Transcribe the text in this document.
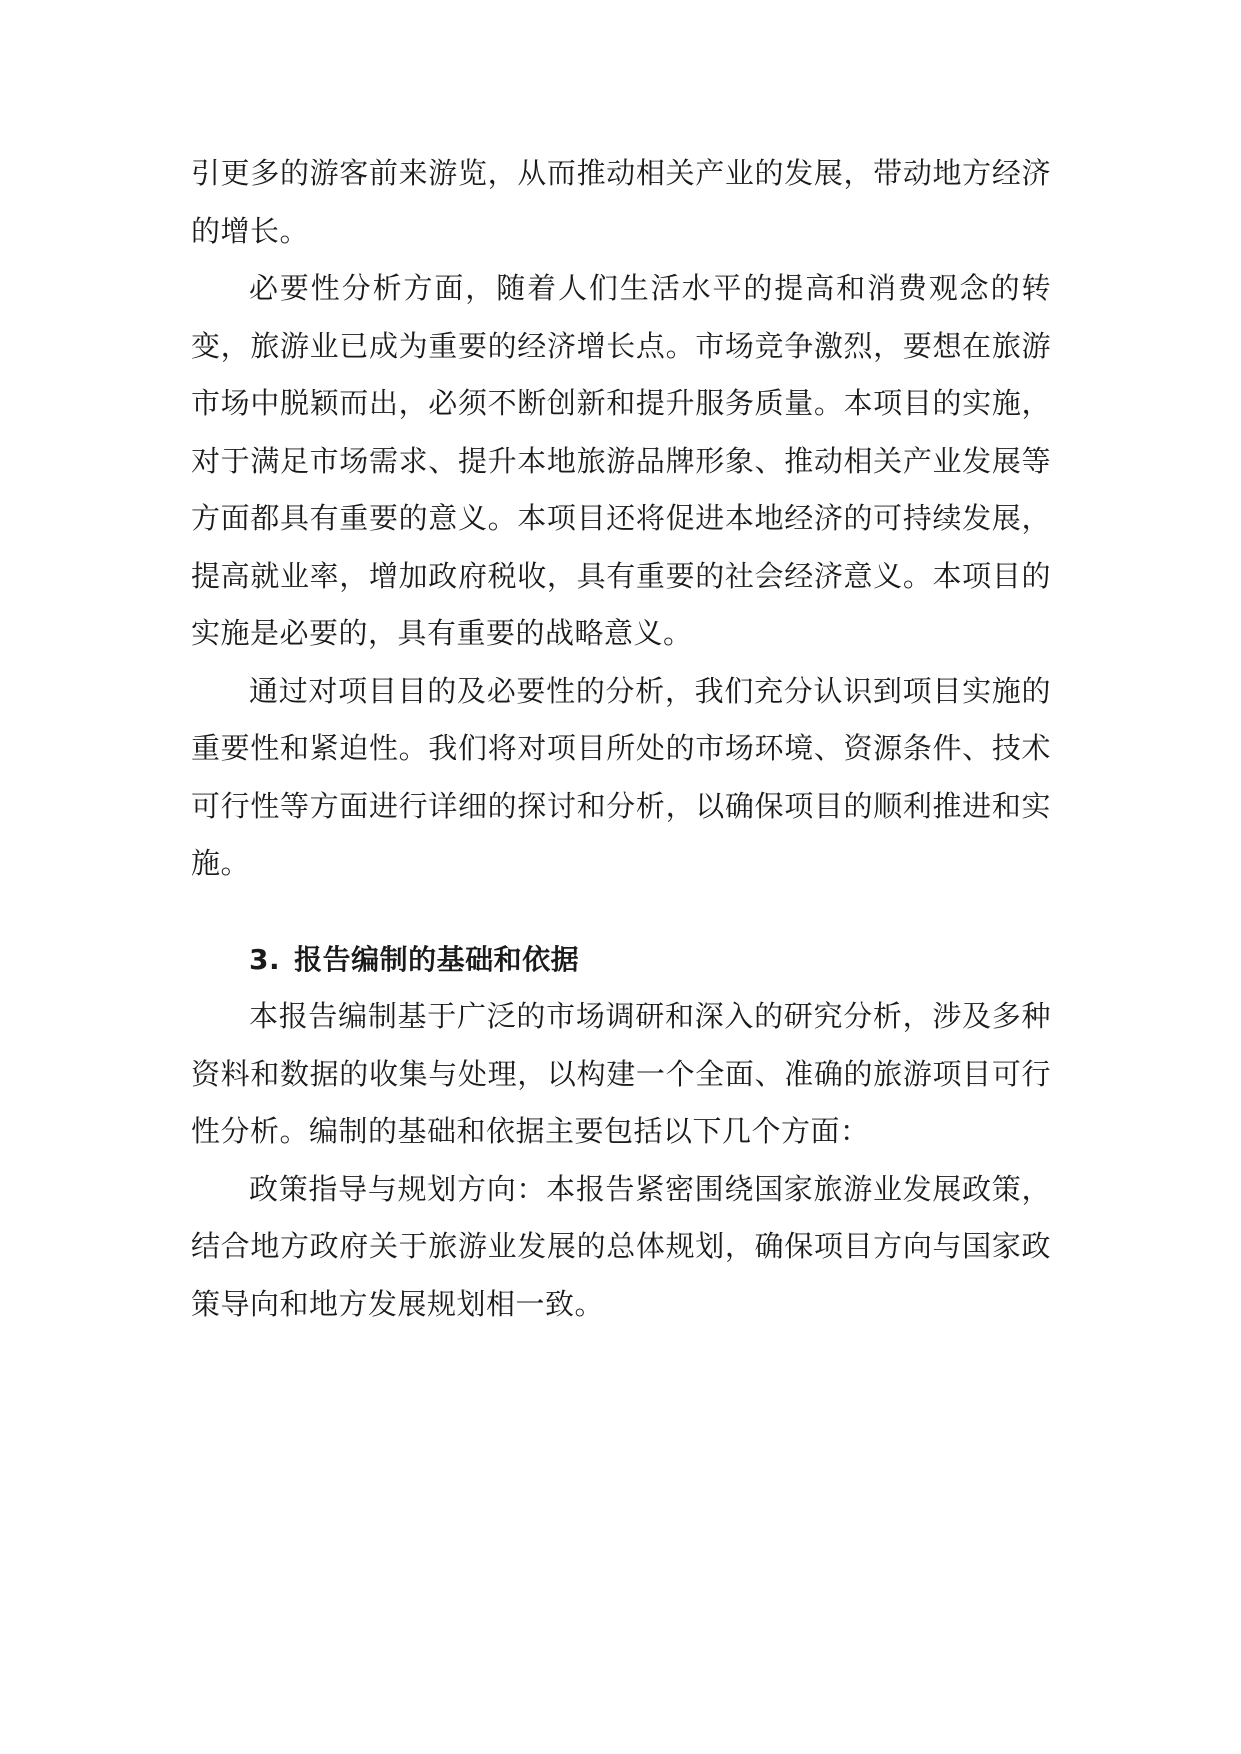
引更多的游客前来游览，从而推动相关产业的发展，带动地方经济的增长。

必要性分析方面，随着人们生活水平的提高和消费观念的转变，旅游业已成为重要的经济增长点。市场竞争激烈，要想在旅游市场中脱颖而出，必须不断创新和提升服务质量。本项目的实施，对于满足市场需求、提升本地旅游品牌形象、推动相关产业发展等方面都具有重要的意义。本项目还将促进本地经济的可持续发展，提高就业率，增加政府税收，具有重要的社会经济意义。本项目的实施是必要的，具有重要的战略意义。

通过对项目目的及必要性的分析，我们充分认识到项目实施的重要性和紧迫性。我们将对项目所处的市场环境、资源条件、技术可行性等方面进行详细的探讨和分析，以确保项目的顺利推进和实施。

3. 报告编制的基础和依据

本报告编制基于广泛的市场调研和深入的研究分析，涉及多种资料和数据的收集与处理，以构建一个全面、准确的旅游项目可行性分析。编制的基础和依据主要包括以下几个方面：

政策指导与规划方向：本报告紧密围绕国家旅游业发展政策，结合地方政府关于旅游业发展的总体规划，确保项目方向与国家政策导向和地方发展规划相一致。
